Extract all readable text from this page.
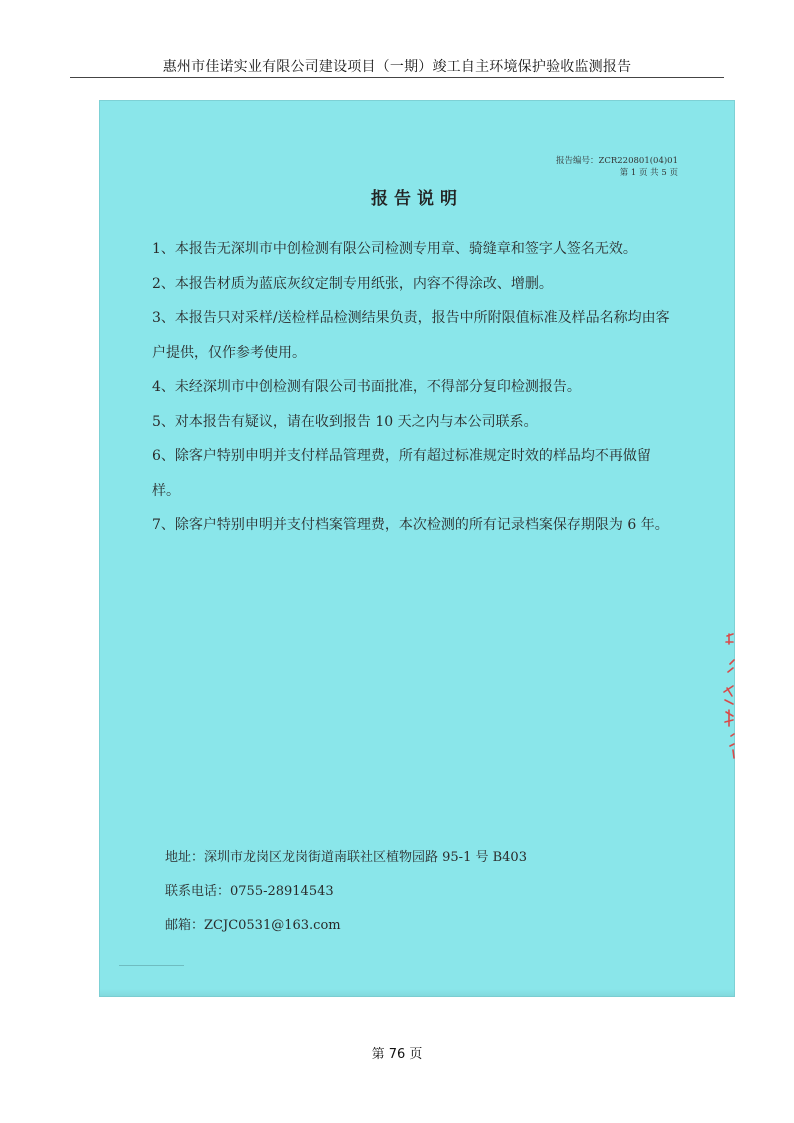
惠州市佳诺实业有限公司建设项目（一期）竣工自主环境保护验收监测报告
报告编号：ZCR220801(04)01
第 1 页 共 5 页
报告说明

1、本报告无深圳市中创检测有限公司检测专用章、骑缝章和签字人签名无效。

2、本报告材质为蓝底灰纹定制专用纸张，内容不得涂改、增删。

3、本报告只对采样/送检样品检测结果负责，报告中所附限值标准及样品名称均由客户提供，仅作参考使用。

4、未经深圳市中创检测有限公司书面批准，不得部分复印检测报告。

5、对本报告有疑议，请在收到报告 10 天之内与本公司联系。

6、除客户特别申明并支付样品管理费，所有超过标准规定时效的样品均不再做留样。

7、除客户特别申明并支付档案管理费，本次检测的所有记录档案保存期限为 6 年。

地址：深圳市龙岗区龙岗街道南联社区植物园路 95-1 号 B403
联系电话：0755-28914543
邮箱：ZCJC0531@163.com
第 76 页
